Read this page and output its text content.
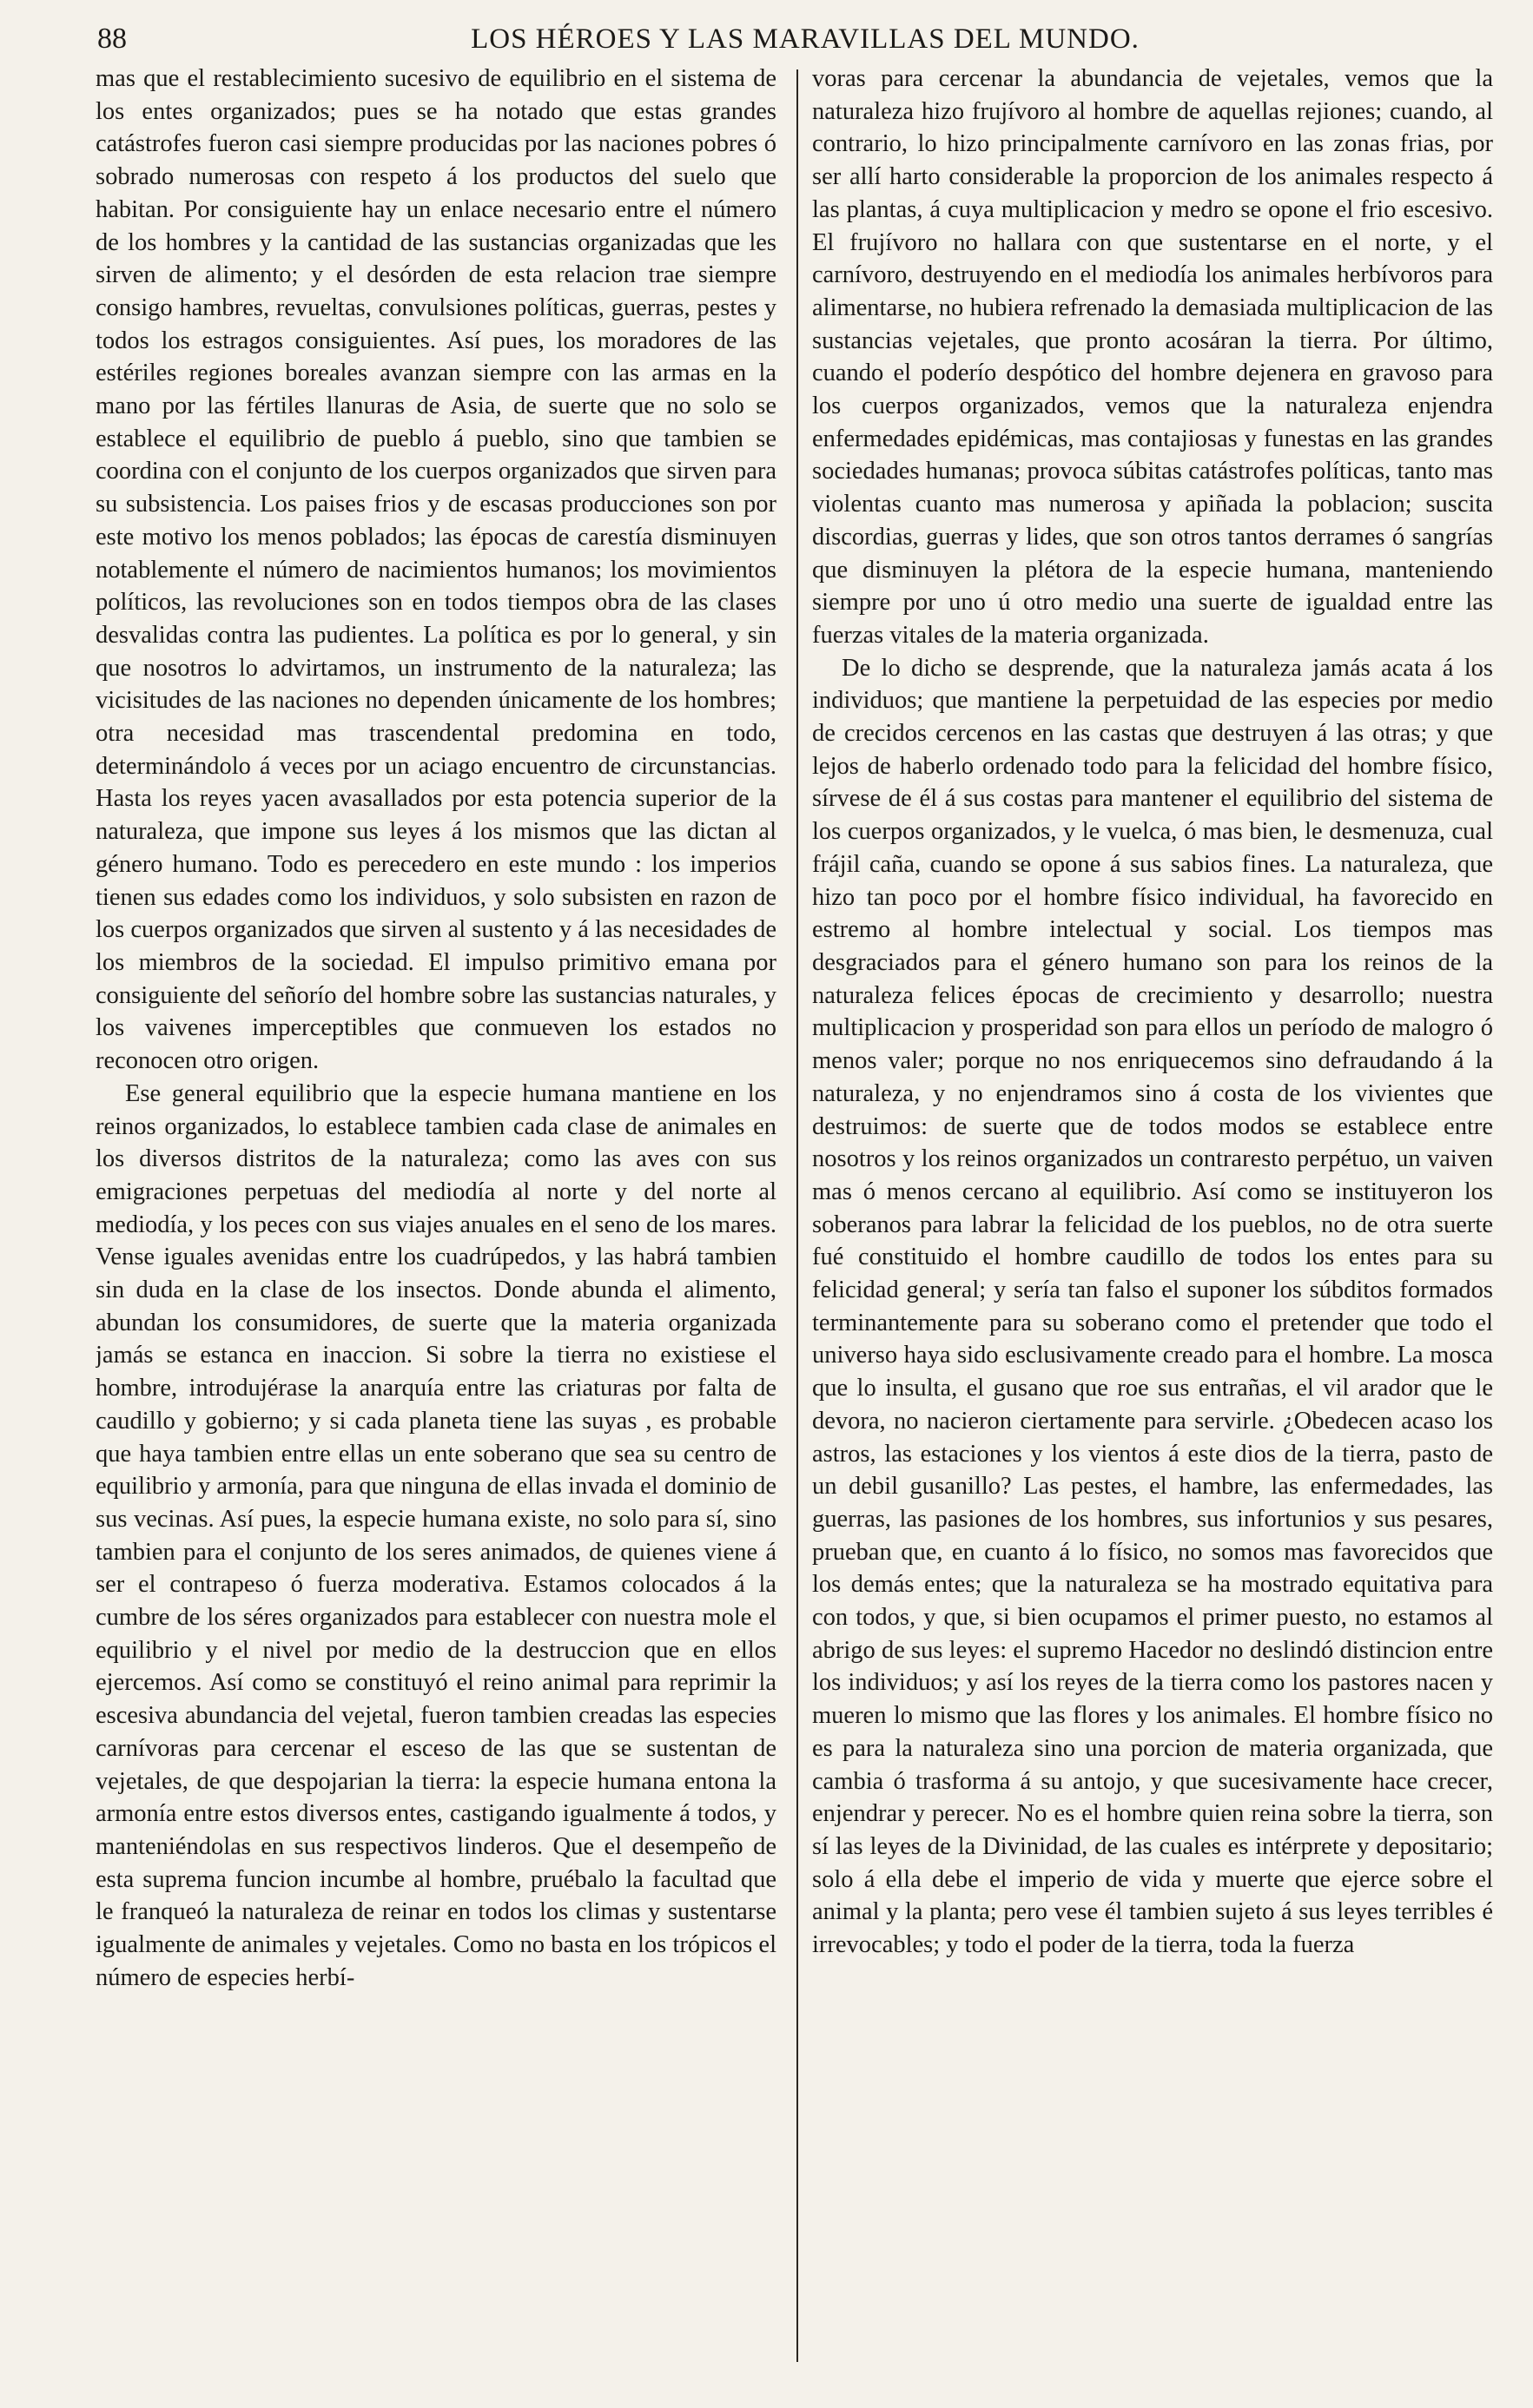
88	LOS HÉROES Y LAS MARAVILLAS DEL MUNDO.

mas que el restablecimiento sucesivo de equilibrio en el sistema de los entes organizados; pues se ha notado que estas grandes catástrofes fueron casi siempre producidas por las naciones pobres ó sobrado numerosas con respeto á los productos del suelo que habitan. Por consiguiente hay un enlace necesario entre el número de los hombres y la cantidad de las sustancias organizadas que les sirven de alimento; y el desórden de esta relacion trae siempre consigo hambres, revueltas, convulsiones políticas, guerras, pestes y todos los estragos consiguientes. Así pues, los moradores de las estériles regiones boreales avanzan siempre con las armas en la mano por las fértiles llanuras de Asia, de suerte que no solo se establece el equilibrio de pueblo á pueblo, sino que tambien se coordina con el conjunto de los cuerpos organizados que sirven para su subsistencia. Los paises frios y de escasas producciones son por este motivo los menos poblados; las épocas de carestía disminuyen notablemente el número de nacimientos humanos; los movimientos políticos, las revoluciones son en todos tiempos obra de las clases desvalidas contra las pudientes. La política es por lo general, y sin que nosotros lo advirtamos, un instrumento de la naturaleza; las vicisitudes de las naciones no dependen únicamente de los hombres; otra necesidad mas trascendental predomina en todo, determinándolo á veces por un aciago encuentro de circunstancias. Hasta los reyes yacen avasallados por esta potencia superior de la naturaleza, que impone sus leyes á los mismos que las dictan al género humano. Todo es perecedero en este mundo : los imperios tienen sus edades como los individuos, y solo subsisten en razon de los cuerpos organizados que sirven al sustento y á las necesidades de los miembros de la sociedad. El impulso primitivo emana por consiguiente del señorío del hombre sobre las sustancias naturales, y los vaivenes imperceptibles que conmueven los estados no reconocen otro origen.

Ese general equilibrio que la especie humana mantiene en los reinos organizados, lo establece tambien cada clase de animales en los diversos distritos de la naturaleza; como las aves con sus emigraciones perpetuas del mediodía al norte y del norte al mediodía, y los peces con sus viajes anuales en el seno de los mares. Vense iguales avenidas entre los cuadrúpedos, y las habrá tambien sin duda en la clase de los insectos. Donde abunda el alimento, abundan los consumidores, de suerte que la materia organizada jamás se estanca en inaccion. Si sobre la tierra no existiese el hombre, introdujérase la anarquía entre las criaturas por falta de caudillo y gobierno; y si cada planeta tiene las suyas , es probable que haya tambien entre ellas un ente soberano que sea su centro de equilibrio y armonía, para que ninguna de ellas invada el dominio de sus vecinas. Así pues, la especie humana existe, no solo para sí, sino tambien para el conjunto de los seres animados, de quienes viene á ser el contrapeso ó fuerza moderativa. Estamos colocados á la cumbre de los séres organizados para establecer con nuestra mole el equilibrio y el nivel por medio de la destruccion que en ellos ejercemos. Así como se constituyó el reino animal para reprimir la escesiva abundancia del vejetal, fueron tambien creadas las especies carnívoras para cercenar el esceso de las que se sustentan de vejetales, de que despojarian la tierra: la especie humana entona la armonía entre estos diversos entes, castigando igualmente á todos, y manteniéndolas en sus respectivos linderos. Que el desempeño de esta suprema funcion incumbe al hombre, pruébalo la facultad que le franqueó la naturaleza de reinar en todos los climas y sustentarse igualmente de animales y vejetales. Como no basta en los trópicos el número de especies herbí-

voras para cercenar la abundancia de vejetales, vemos que la naturaleza hizo frujívoro al hombre de aquellas rejiones; cuando, al contrario, lo hizo principalmente carnívoro en las zonas frias, por ser allí harto considerable la proporcion de los animales respecto á las plantas, á cuya multiplicacion y medro se opone el frio escesivo. El frujívoro no hallara con que sustentarse en el norte, y el carnívoro, destruyendo en el mediodía los animales herbívoros para alimentarse, no hubiera refrenado la demasiada multiplicacion de las sustancias vejetales, que pronto acosáran la tierra. Por último, cuando el poderío despótico del hombre dejenera en gravoso para los cuerpos organizados, vemos que la naturaleza enjendra enfermedades epidémicas, mas contajiosas y funestas en las grandes sociedades humanas; provoca súbitas catástrofes políticas, tanto mas violentas cuanto mas numerosa y apiñada la poblacion; suscita discordias, guerras y lides, que son otros tantos derrames ó sangrías que disminuyen la plétora de la especie humana, manteniendo siempre por uno ú otro medio una suerte de igualdad entre las fuerzas vitales de la materia organizada.

De lo dicho se desprende, que la naturaleza jamás acata á los individuos; que mantiene la perpetuidad de las especies por medio de crecidos cercenos en las castas que destruyen á las otras; y que lejos de haberlo ordenado todo para la felicidad del hombre físico, sírvese de él á sus costas para mantener el equilibrio del sistema de los cuerpos organizados, y le vuelca, ó mas bien, le desmenuza, cual frájil caña, cuando se opone á sus sabios fines. La naturaleza, que hizo tan poco por el hombre físico individual, ha favorecido en estremo al hombre intelectual y social. Los tiempos mas desgraciados para el género humano son para los reinos de la naturaleza felices épocas de crecimiento y desarrollo; nuestra multiplicacion y prosperidad son para ellos un período de malogro ó menos valer; porque no nos enriquecemos sino defraudando á la naturaleza, y no enjendramos sino á costa de los vivientes que destruimos: de suerte que de todos modos se establece entre nosotros y los reinos organizados un contraresto perpétuo, un vaiven mas ó menos cercano al equilibrio. Así como se instituyeron los soberanos para labrar la felicidad de los pueblos, no de otra suerte fué constituido el hombre caudillo de todos los entes para su felicidad general; y sería tan falso el suponer los súbditos formados terminantemente para su soberano como el pretender que todo el universo haya sido esclusivamente creado para el hombre. La mosca que lo insulta, el gusano que roe sus entrañas, el vil arador que le devora, no nacieron ciertamente para servirle. ¿Obedecen acaso los astros, las estaciones y los vientos á este dios de la tierra, pasto de un debil gusanillo? Las pestes, el hambre, las enfermedades, las guerras, las pasiones de los hombres, sus infortunios y sus pesares, prueban que, en cuanto á lo físico, no somos mas favorecidos que los demás entes; que la naturaleza se ha mostrado equitativa para con todos, y que, si bien ocupamos el primer puesto, no estamos al abrigo de sus leyes: el supremo Hacedor no deslindó distincion entre los individuos; y así los reyes de la tierra como los pastores nacen y mueren lo mismo que las flores y los animales. El hombre físico no es para la naturaleza sino una porcion de materia organizada, que cambia ó trasforma á su antojo, y que sucesivamente hace crecer, enjendrar y perecer. No es el hombre quien reina sobre la tierra, son sí las leyes de la Divinidad, de las cuales es intérprete y depositario; solo á ella debe el imperio de vida y muerte que ejerce sobre el animal y la planta; pero vese él tambien sujeto á sus leyes terribles é irrevocables; y todo el poder de la tierra, toda la fuerza
